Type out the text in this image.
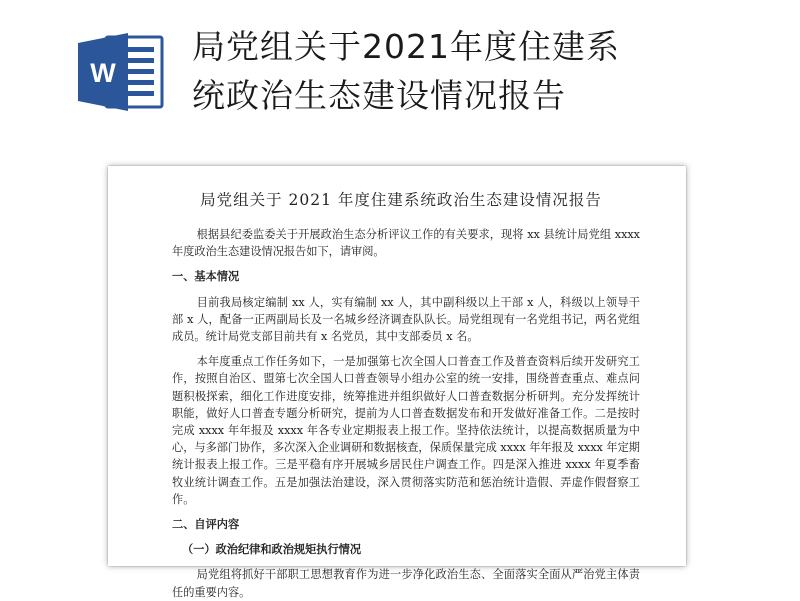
W
局党组关于2021年度住建系
统政治生态建设情况报告
局党组关于 2021 年度住建系统政治生态建设情况报告
根据县纪委监委关于开展政治生态分析评议工作的有关要求，现将 xx 县统计局党组 xxxx 年度政治生态建设情况报告如下，请审阅。
一、基本情况
目前我局核定编制 xx 人，实有编制 xx 人，其中副科级以上干部 x 人，科级以上领导干部 x 人，配备一正两副局长及一名城乡经济调查队队长。局党组现有一名党组书记，两名党组成员。统计局党支部目前共有 x 名党员，其中支部委员 x 名。
本年度重点工作任务如下，一是加强第七次全国人口普查工作及普查资料后续开发研究工作，按照自治区、盟第七次全国人口普查领导小组办公室的统一安排，围绕普查重点、难点问题积极探索，细化工作进度安排，统筹推进并组织做好人口普查数据分析研判。充分发挥统计职能，做好人口普查专题分析研究，提前为人口普查数据发布和开发做好准备工作。二是按时完成 xxxx 年年报及 xxxx 年各专业定期报表上报工作。坚持依法统计，以提高数据质量为中心，与多部门协作，多次深入企业调研和数据核查，保质保量完成 xxxx 年年报及 xxxx 年定期统计报表上报工作。三是平稳有序开展城乡居民住户调查工作。四是深入推进 xxxx 年夏季畜牧业统计调查工作。五是加强法治建设，深入贯彻落实防范和惩治统计造假、弄虚作假督察工作。
二、自评内容
（一）政治纪律和政治规矩执行情况
局党组将抓好干部职工思想教育作为进一步净化政治生态、全面落实全面从严治党主体责任的重要内容。
